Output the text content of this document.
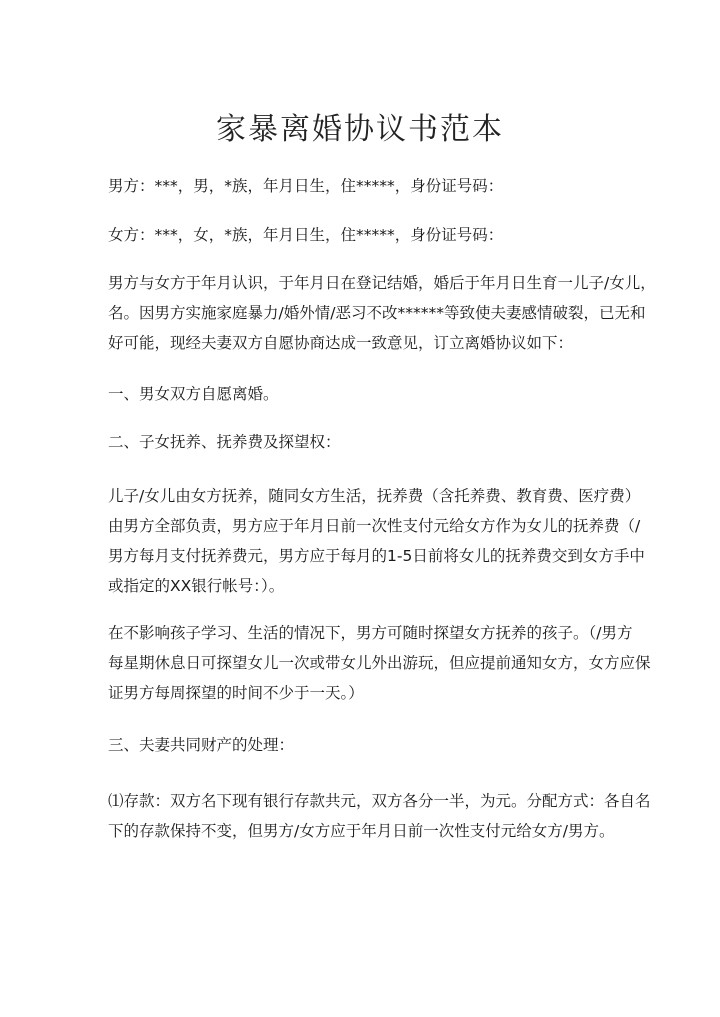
家暴离婚协议书范本
男方：***，男，*族，年月日生，住*****，身份证号码：
女方：***，女，*族，年月日生，住*****，身份证号码：
男方与女方于年月认识，于年月日在登记结婚，婚后于年月日生育一儿子/女儿，
名。因男方实施家庭暴力/婚外情/恶习不改******等致使夫妻感情破裂，已无和
好可能，现经夫妻双方自愿协商达成一致意见，订立离婚协议如下：
一、男女双方自愿离婚。
二、子女抚养、抚养费及探望权：
儿子/女儿由女方抚养，随同女方生活，抚养费（含托养费、教育费、医疗费）
由男方全部负责，男方应于年月日前一次性支付元给女方作为女儿的抚养费（/
男方每月支付抚养费元，男方应于每月的1-5日前将女儿的抚养费交到女方手中
或指定的XX银行帐号：）。
在不影响孩子学习、生活的情况下，男方可随时探望女方抚养的孩子。（/男方
每星期休息日可探望女儿一次或带女儿外出游玩，但应提前通知女方，女方应保
证男方每周探望的时间不少于一天。）
三、夫妻共同财产的处理：
⑴存款：双方名下现有银行存款共元，双方各分一半，为元。分配方式：各自名
下的存款保持不变，但男方/女方应于年月日前一次性支付元给女方/男方。
